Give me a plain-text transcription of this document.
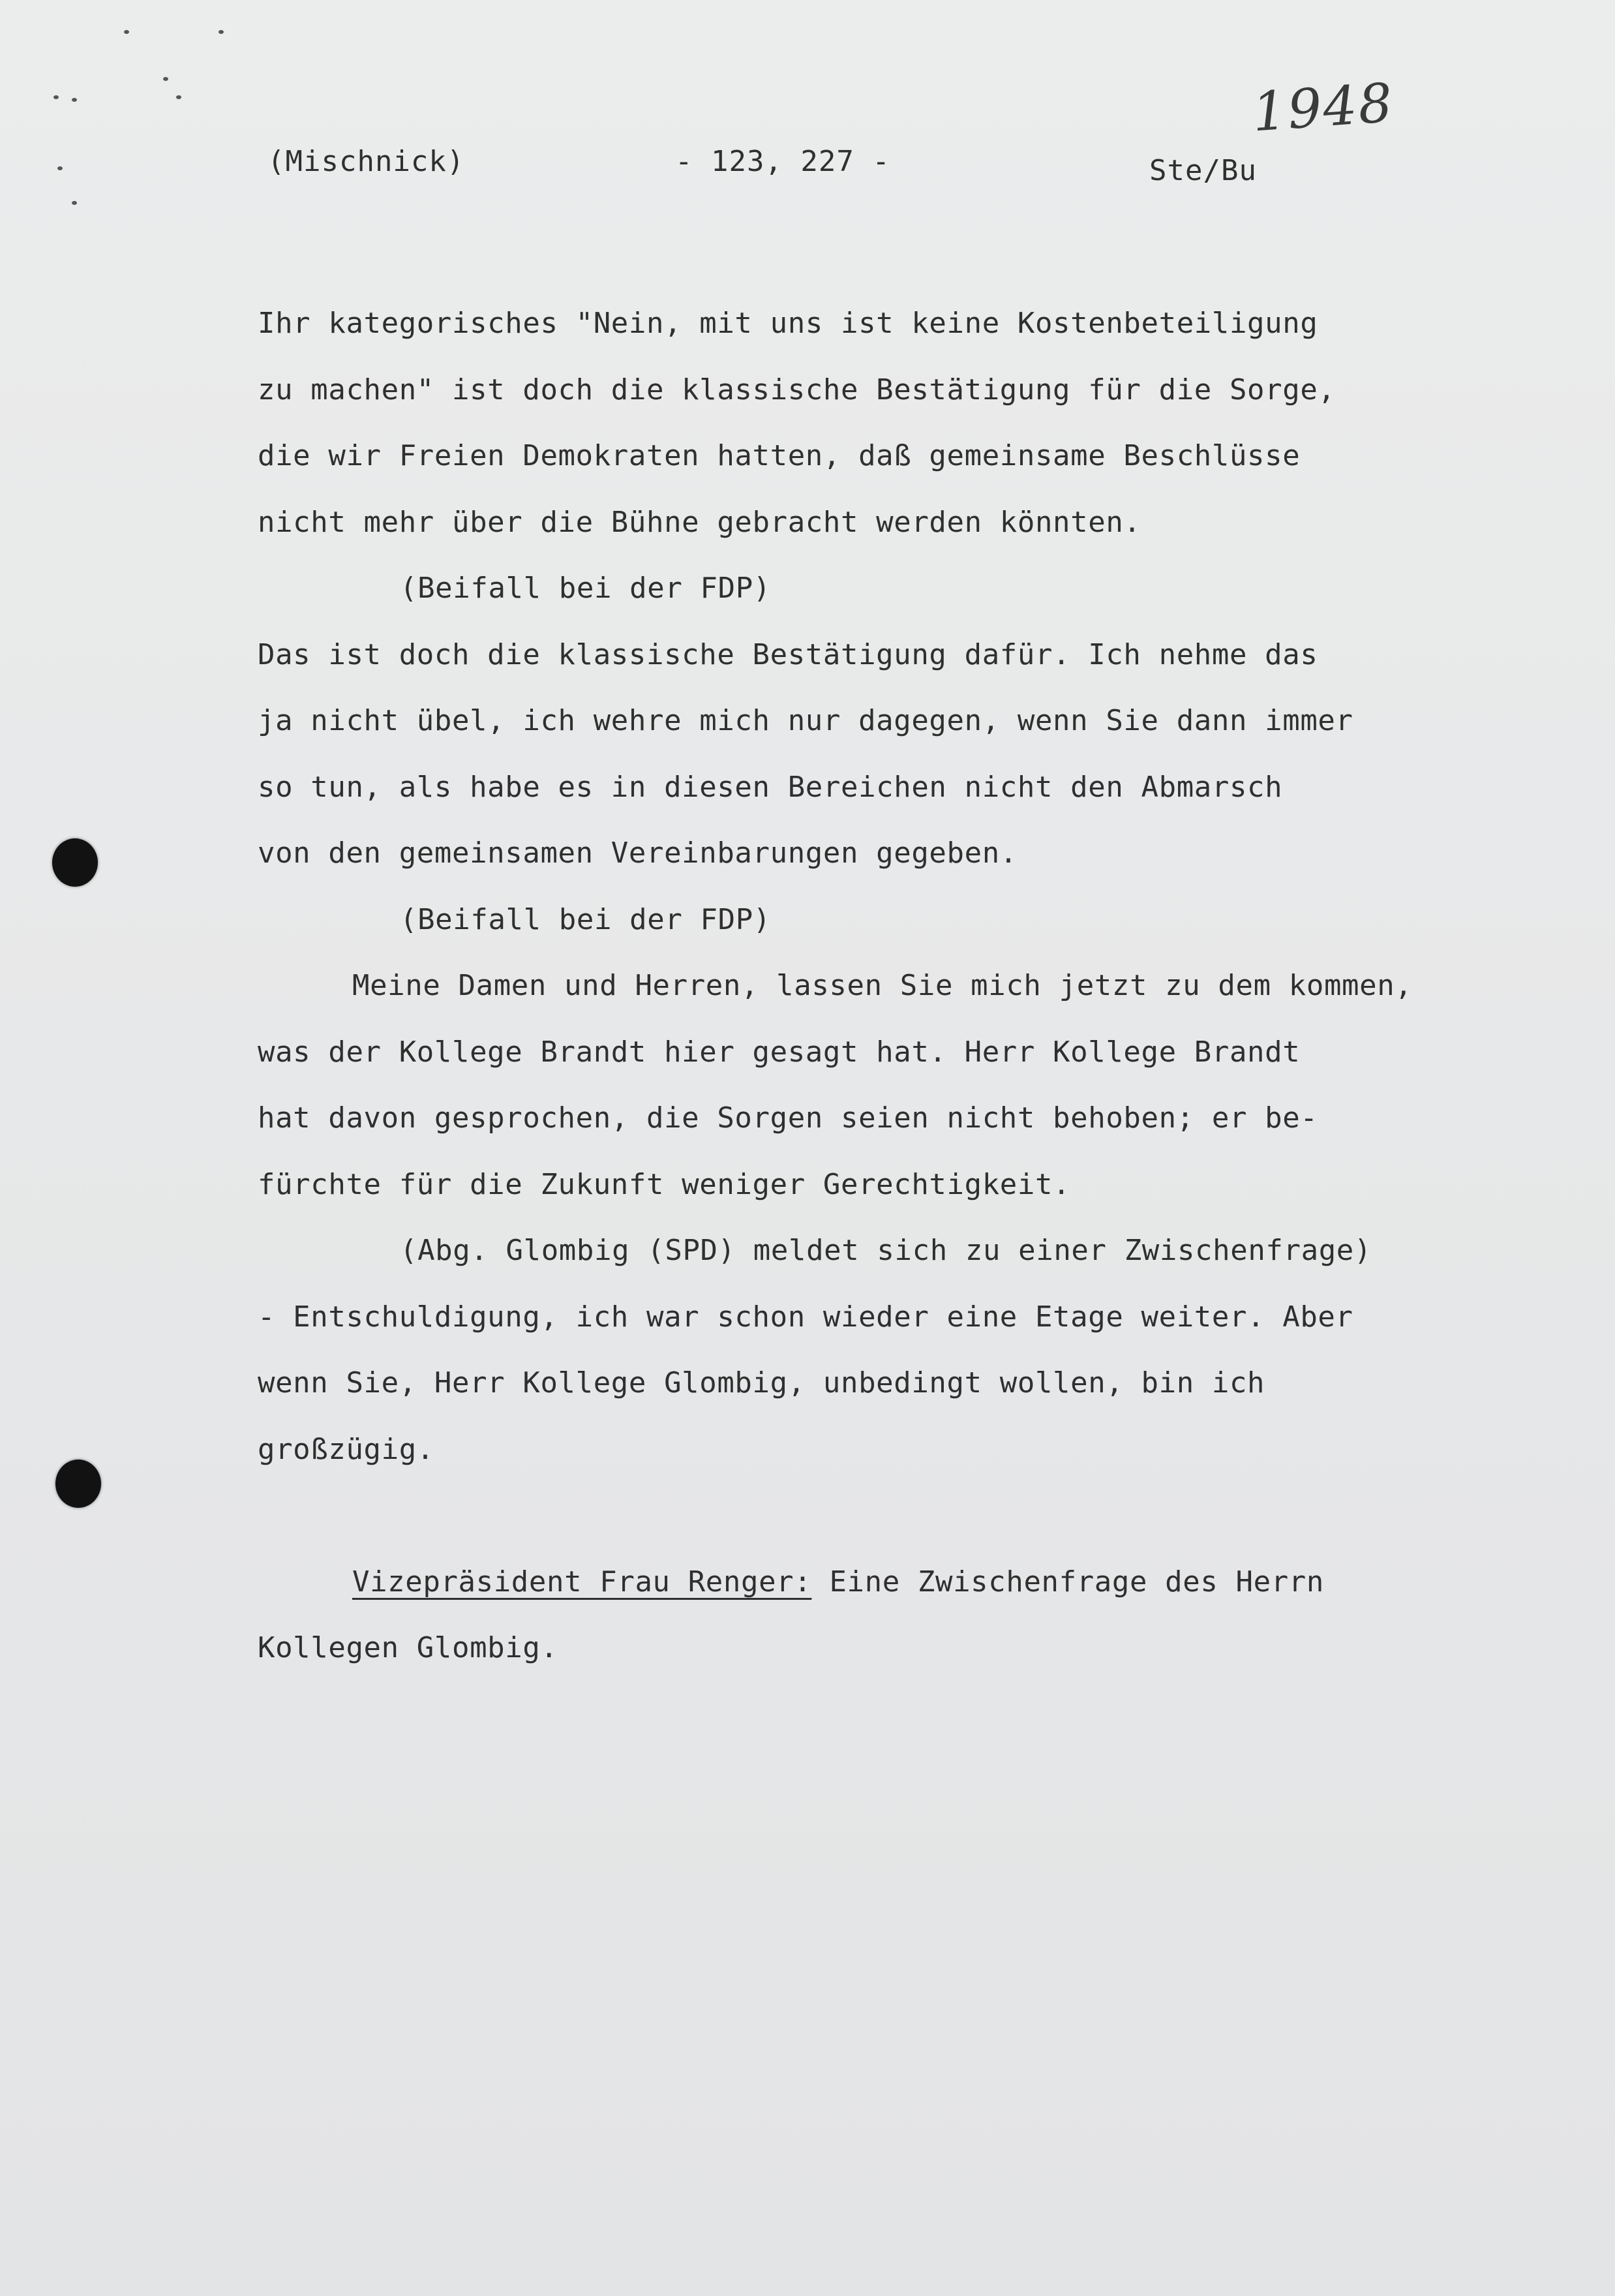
(Mischnick)	- 123, 227 -	Ste/Bu
1948
Ihr kategorisches "Nein, mit uns ist keine Kostenbeteiligung
zu machen" ist doch die klassische Bestätigung für die Sorge,
die wir Freien Demokraten hatten, daß gemeinsame Beschlüsse
nicht mehr über die Bühne gebracht werden könnten.
(Beifall bei der FDP)
Das ist doch die klassische Bestätigung dafür. Ich nehme das
ja nicht übel, ich wehre mich nur dagegen, wenn Sie dann immer
so tun, als habe es in diesen Bereichen nicht den Abmarsch
von den gemeinsamen Vereinbarungen gegeben.
(Beifall bei der FDP)
Meine Damen und Herren, lassen Sie mich jetzt zu dem kommen,
was der Kollege Brandt hier gesagt hat. Herr Kollege Brandt
hat davon gesprochen, die Sorgen seien nicht behoben; er be-
fürchte für die Zukunft weniger Gerechtigkeit.
(Abg. Glombig (SPD) meldet sich zu einer Zwischenfrage)
- Entschuldigung, ich war schon wieder eine Etage weiter. Aber
wenn Sie, Herr Kollege Glombig, unbedingt wollen, bin ich
großzügig.
Vizepräsident Frau Renger: Eine Zwischenfrage des Herrn
Kollegen Glombig.
